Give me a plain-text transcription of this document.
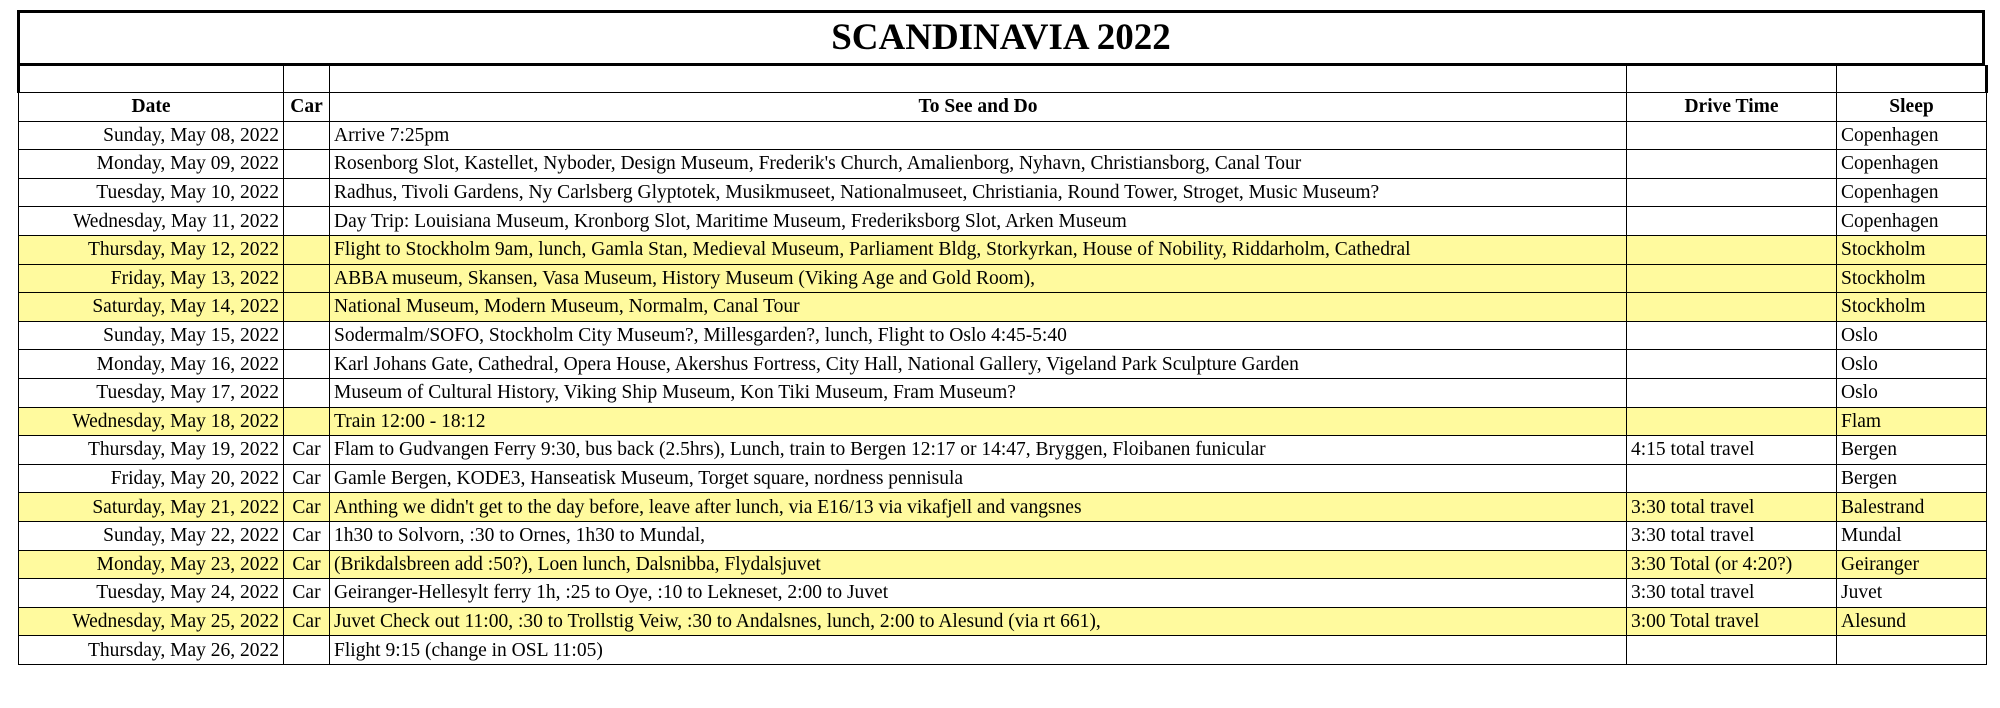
SCANDINAVIA 2022

Date	Car	To See and Do	Drive Time	Sleep
Sunday, May 08, 2022		Arrive 7:25pm		Copenhagen
Monday, May 09, 2022		Rosenborg Slot, Kastellet, Nyboder, Design Museum, Frederik's Church, Amalienborg, Nyhavn, Christiansborg, Canal Tour		Copenhagen
Tuesday, May 10, 2022		Radhus, Tivoli Gardens, Ny Carlsberg Glyptotek, Musikmuseet, Nationalmuseet, Christiania, Round Tower, Stroget, Music Museum?		Copenhagen
Wednesday, May 11, 2022		Day Trip: Louisiana Museum, Kronborg Slot, Maritime Museum, Frederiksborg Slot, Arken Museum		Copenhagen
Thursday, May 12, 2022		Flight to Stockholm 9am, lunch, Gamla Stan, Medieval Museum, Parliament Bldg, Storkyrkan, House of Nobility, Riddarholm, Cathedral		Stockholm
Friday, May 13, 2022		ABBA museum, Skansen, Vasa Museum, History Museum (Viking Age and Gold Room),		Stockholm
Saturday, May 14, 2022		National Museum, Modern Museum, Normalm, Canal Tour		Stockholm
Sunday, May 15, 2022		Sodermalm/SOFO, Stockholm City Museum?, Millesgarden?, lunch, Flight to Oslo 4:45-5:40		Oslo
Monday, May 16, 2022		Karl Johans Gate, Cathedral, Opera House, Akershus Fortress, City Hall, National Gallery, Vigeland Park Sculpture Garden		Oslo
Tuesday, May 17, 2022		Museum of Cultural History, Viking Ship Museum, Kon Tiki Museum, Fram Museum?		Oslo
Wednesday, May 18, 2022		Train 12:00 - 18:12		Flam
Thursday, May 19, 2022	Car	Flam to Gudvangen Ferry 9:30, bus back (2.5hrs), Lunch, train to Bergen 12:17 or 14:47, Bryggen, Floibanen funicular	4:15 total travel	Bergen
Friday, May 20, 2022	Car	Gamle Bergen, KODE3, Hanseatisk Museum, Torget square, nordness pennisula		Bergen
Saturday, May 21, 2022	Car	Anthing we didn't get to the day before, leave after lunch, via E16/13 via vikafjell and vangsnes	3:30 total travel	Balestrand
Sunday, May 22, 2022	Car	1h30 to Solvorn, :30 to Ornes, 1h30 to Mundal,	3:30 total travel	Mundal
Monday, May 23, 2022	Car	(Brikdalsbreen add :50?), Loen lunch, Dalsnibba, Flydalsjuvet	3:30 Total (or 4:20?)	Geiranger
Tuesday, May 24, 2022	Car	Geiranger-Hellesylt ferry 1h, :25 to Oye, :10 to Lekneset, 2:00 to Juvet	3:30 total travel	Juvet
Wednesday, May 25, 2022	Car	Juvet Check out 11:00, :30 to Trollstig Veiw, :30 to Andalsnes, lunch, 2:00 to Alesund (via rt 661),	3:00 Total travel	Alesund
Thursday, May 26, 2022		Flight 9:15 (change in OSL 11:05)		
